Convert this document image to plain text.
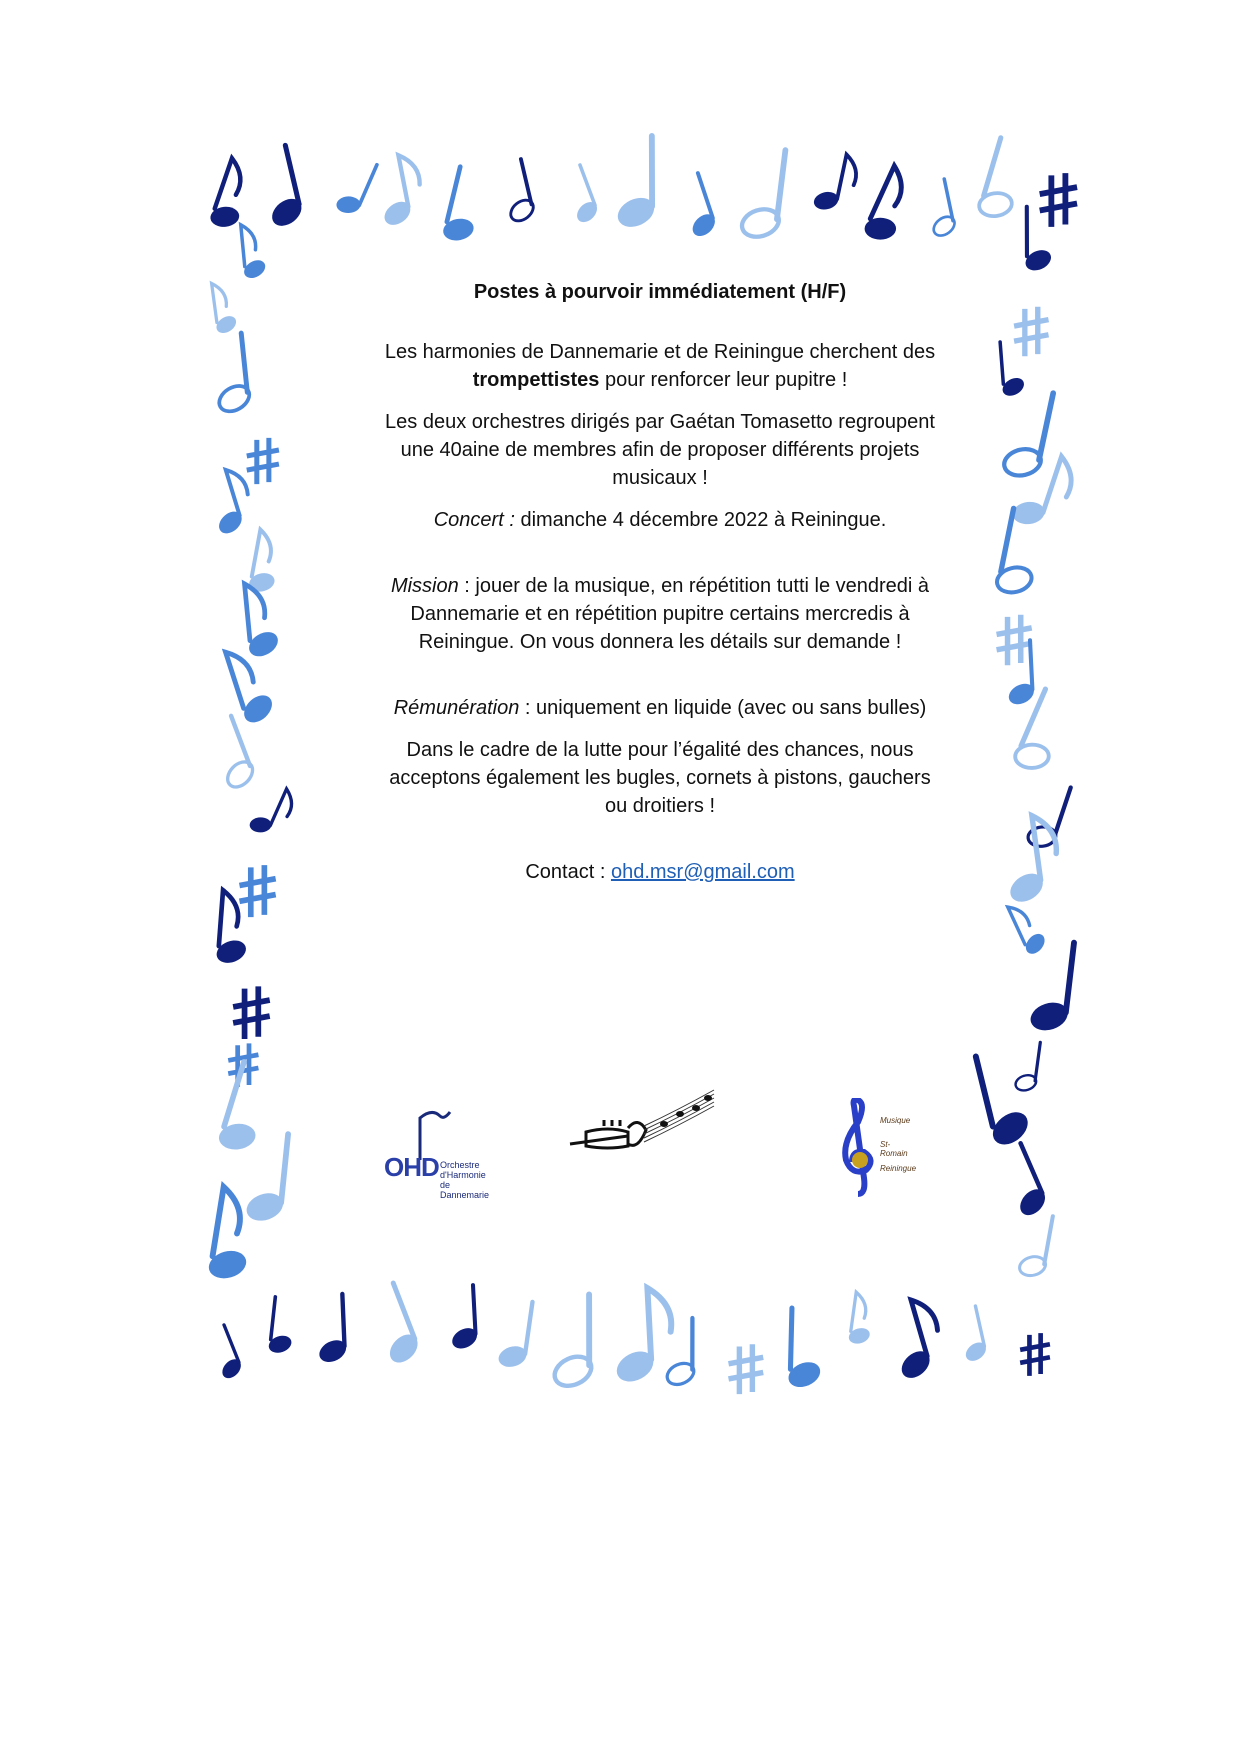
Postes à pourvoir immédiatement (H/F)

Les harmonies de Dannemarie et de Reiningue cherchent des trompettistes pour renforcer leur pupitre !

Les deux orchestres dirigés par Gaétan Tomasetto regroupent une 40aine de membres afin de proposer différents projets musicaux !

Concert : dimanche 4 décembre 2022 à Reiningue.

Mission : jouer de la musique, en répétition tutti le vendredi à Dannemarie et en répétition pupitre certains mercredis à Reiningue. On vous donnera les détails sur demande !

Rémunération : uniquement en liquide (avec ou sans bulles)

Dans le cadre de la lutte pour l’égalité des chances, nous acceptons également les bugles, cornets à pistons, gauchers ou droitiers !

Contact : ohd.msr@gmail.com

OHD Orchestre
d'Harmonie
de Dannemarie
Musique
St-Romain
Reiningue
